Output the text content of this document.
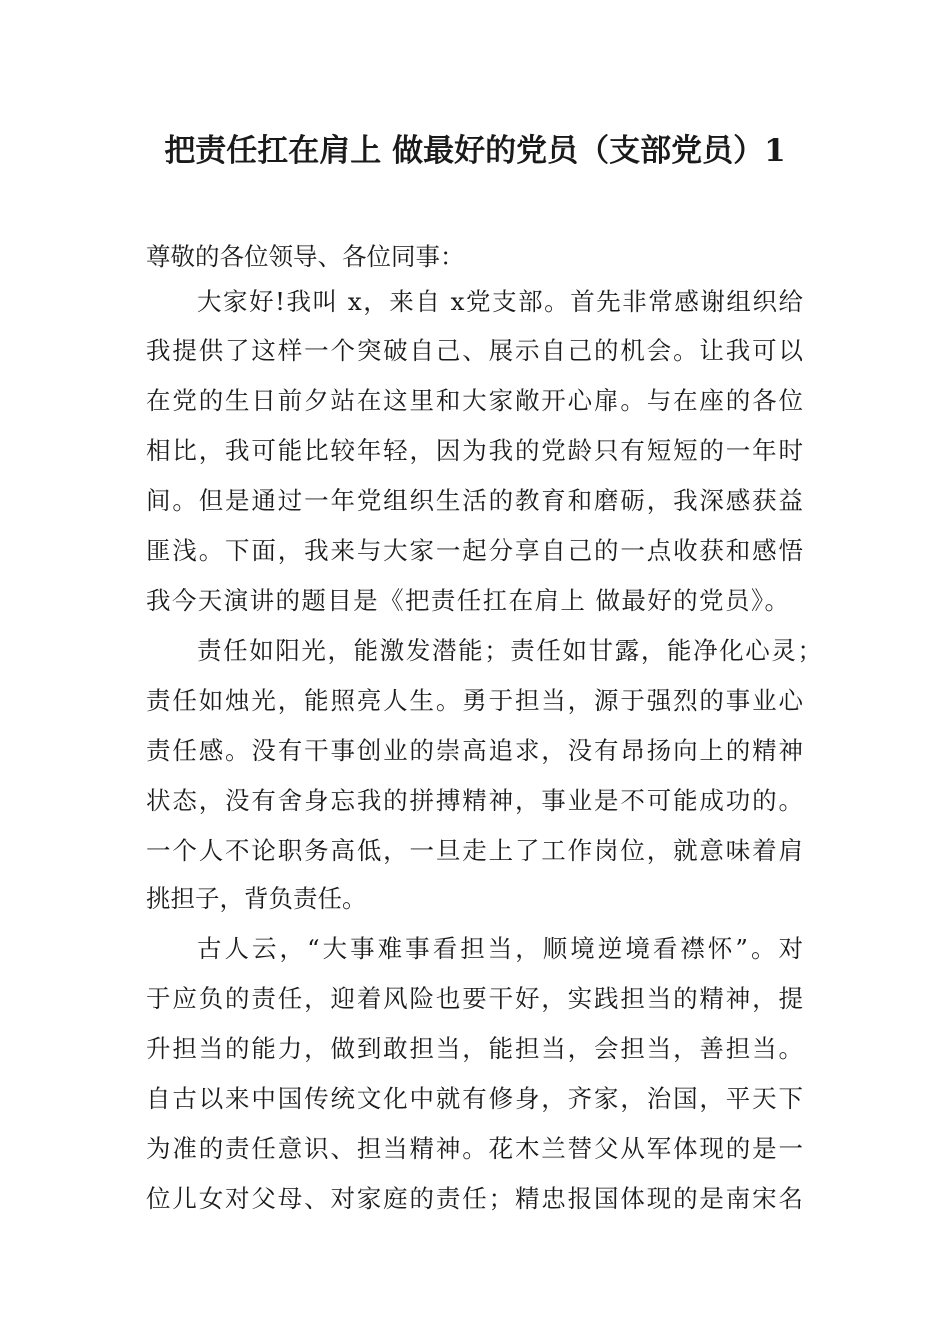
把责任扛在肩上 做最好的党员（支部党员）1

尊敬的各位领导、各位同事：

大家好!我叫 x，来自 x党支部。首先非常感谢组织给

我提供了这样一个突破自己、展示自己的机会。让我可以

在党的生日前夕站在这里和大家敞开心扉。与在座的各位

相比，我可能比较年轻，因为我的党龄只有短短的一年时

间。但是通过一年党组织生活的教育和磨砺，我深感获益

匪浅。下面，我来与大家一起分享自己的一点收获和感悟

我今天演讲的题目是《把责任扛在肩上 做最好的党员》。

责任如阳光，能激发潜能；责任如甘露，能净化心灵；

责任如烛光，能照亮人生。勇于担当，源于强烈的事业心

责任感。没有干事创业的崇高追求，没有昂扬向上的精神

状态，没有舍身忘我的拼搏精神，事业是不可能成功的。

一个人不论职务高低，一旦走上了工作岗位，就意味着肩

挑担子，背负责任。

古人云，“大事难事看担当，顺境逆境看襟怀”。对

于应负的责任，迎着风险也要干好，实践担当的精神，提

升担当的能力，做到敢担当，能担当，会担当，善担当。

自古以来中国传统文化中就有修身，齐家，治国，平天下

为准的责任意识、担当精神。花木兰替父从军体现的是一

位儿女对父母、对家庭的责任；精忠报国体现的是南宋名
